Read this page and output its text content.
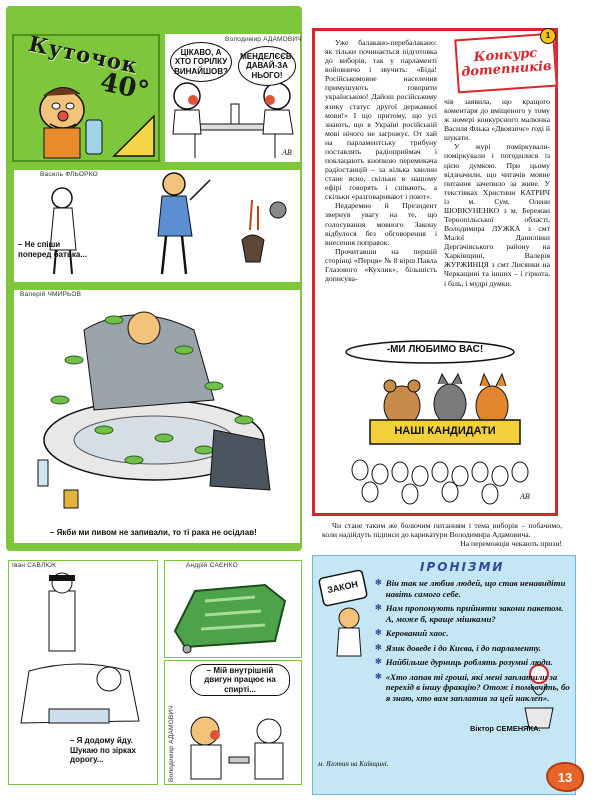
Куточок
40°
Володимир АДАМОВИЧ
ЦІКАВО, А ХТО ГОРІЛКУ ВИНАЙШОВ?
МЕНДЕЛЄЄВ. ДАВАЙ-ЗА НЬОГО!
АВ
Василь ФЛЬОРКО
– Не спіши поперед батька...
Валерій ЧМИРЬОВ
– Якби ми пивом не запивали, то ті рака не осідлав!
Іван САВЛЮК
– Я додому йду. Шукаю по зірках дорогу...
Андрій САЄНКО
Володимир АДАМОВИЧ
– Мій внутрішній двигун працює на спирті...
Конкурс дотепників
1

Уже балакано-перебалакано: як тільки починається підготовка до виборів, так у парламенті войовничо і звучить: «Біда! Російськомовне населення примушують говорити українською! Дайош російському язику статус другої державної мови!» І що притому, що усі знають, що в Україні російській мові нічого не загрожує. От хай на парламентську трибуну поставлять радіоприймач і поклацають кнопкою перемикача радіостанцій – за кілька хвилин стане ясно, скільки в нашому ефірі говорять і співають, а скільки «разговаривают і поют».

Недаремно й Президент звернув увагу на те, що голосування мовного Закону відбулося без обговорення і внесення поправок.

Прочитавши на першій сторінці «Перця» № 8 вірш Павла Глазового «Кухлик», більшість дописува-

чів заявила, що кращого коментаря до вміщеного у тому ж номері конкурсного малюнка Василя Флька «Двоязичє» годі й шукати.

У журі поміркували-поміркували і погодилися із цією думкою. При цьому відзначили, що читачів мовне питання зачепило за живе. У текстівках Христини КАТРИЧ із м. Сум, Олени ШОВКУНЕНКО з м. Бережан Тернопільської області, Володимира ЛУЖКА з смт Малої Данилівки Дергачівського району на Харківщині, Валерія ЖУРЖИНЦЯ з смт Лисянки на Черкащині та інших – і гіркота, і біль, і мудрі думки.

-МИ ЛЮБИМО ВАС!
НАШІ КАНДИДАТИ
АВ

Чи стане таким же болючим питанням і тема виборів – побачимо, коли надійдуть підписи до карикатури Володимира Адамовича.

На переможців чекають призи!

ЗАКОН
ІРОНІЗМИ
✻ Він так не любив людей, що став ненавидіти навіть самого себе.
✻ Нам пропонують прийняти закони пакетом. А, може б, краще мішками?
✻ Керований хаос.
✻ Язик доведе і до Києва, і до парламенту.
✻ Найбільше дурниць роблять розумні люди.
✻ «Хто лапав ті гроші, які мені заплатили за перехід в іншу фракцію? Отож і помовчіть, бо я знаю, хто вам заплатив за цей наклеп».
Віктор СЕМЕНЯКА.
м. Яготин на Київщині.
13
